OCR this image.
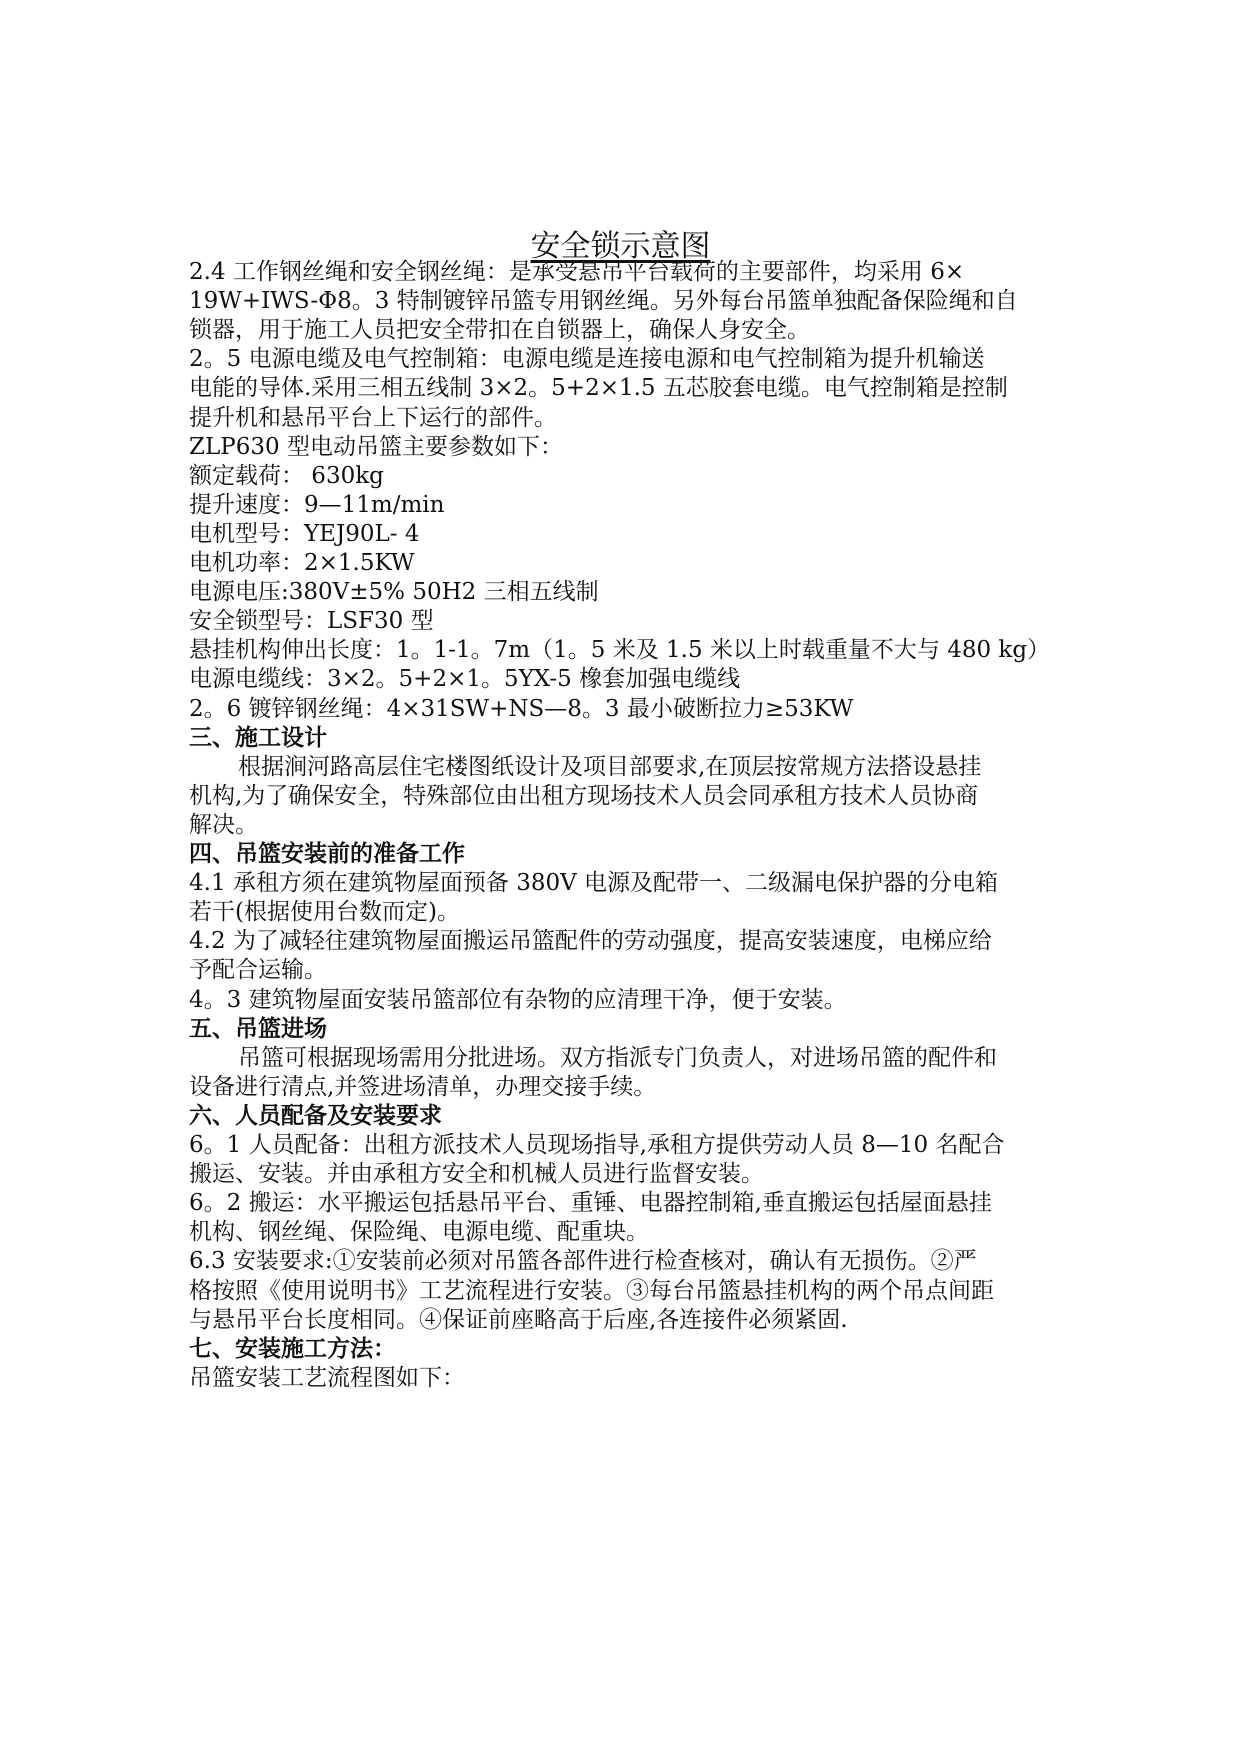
安全锁示意图
2.4 工作钢丝绳和安全钢丝绳：是承受悬吊平台载荷的主要部件，均采用 6×
19W+IWS-Φ8。3 特制镀锌吊篮专用钢丝绳。另外每台吊篮单独配备保险绳和自
锁器，用于施工人员把安全带扣在自锁器上，确保人身安全。
2。5 电源电缆及电气控制箱：电源电缆是连接电源和电气控制箱为提升机输送
电能的导体.采用三相五线制 3×2。5+2×1.5 五芯胶套电缆。电气控制箱是控制
提升机和悬吊平台上下运行的部件。
ZLP630 型电动吊篮主要参数如下：
额定载荷： 630kg
提升速度：9—11m/min
电机型号：YEJ90L- 4
电机功率：2×1.5KW
电源电压:380V±5% 50H2 三相五线制
安全锁型号：LSF30 型
悬挂机构伸出长度：1。1-1。7m（1。5 米及 1.5 米以上时载重量不大与 480 kg）
电源电缆线：3×2。5+2×1。5YX-5 橡套加强电缆线
2。6 镀锌钢丝绳：4×31SW+NS—8。3 最小破断拉力≥53KW
三、施工设计
根据涧河路高层住宅楼图纸设计及项目部要求,在顶层按常规方法搭设悬挂
机构,为了确保安全，特殊部位由出租方现场技术人员会同承租方技术人员协商
解决。
四、吊篮安装前的准备工作
4.1 承租方须在建筑物屋面预备 380V 电源及配带一、二级漏电保护器的分电箱
若干(根据使用台数而定)。
4.2 为了减轻往建筑物屋面搬运吊篮配件的劳动强度，提高安装速度，电梯应给
予配合运输。
4。3 建筑物屋面安装吊篮部位有杂物的应清理干净，便于安装。
五、吊篮进场
吊篮可根据现场需用分批进场。双方指派专门负责人，对进场吊篮的配件和
设备进行清点,并签进场清单，办理交接手续。
六、人员配备及安装要求
6。1 人员配备：出租方派技术人员现场指导,承租方提供劳动人员 8—10 名配合
搬运、安装。并由承租方安全和机械人员进行监督安装。
6。2 搬运：水平搬运包括悬吊平台、重锤、电器控制箱,垂直搬运包括屋面悬挂
机构、钢丝绳、保险绳、电源电缆、配重块。
6.3 安装要求:①安装前必须对吊篮各部件进行检查核对，确认有无损伤。②严
格按照《使用说明书》工艺流程进行安装。③每台吊篮悬挂机构的两个吊点间距
与悬吊平台长度相同。④保证前座略高于后座,各连接件必须紧固.
七、安装施工方法：
吊篮安装工艺流程图如下：
